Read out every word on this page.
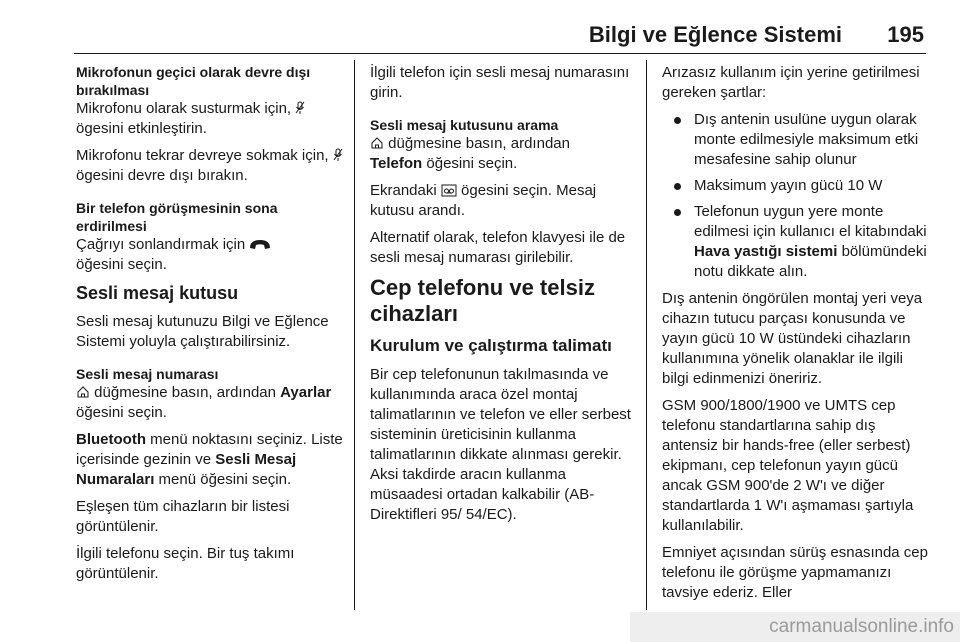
Bilgi ve Eğlence Sistemi 195
Mikrofonun geçici olarak devre dışı bırakılması

Mikrofonu olarak susturmak için,  ögesini etkinleştirin.

Mikrofonu tekrar devreye sokmak için,  ögesini devre dışı bırakın.

Bir telefon görüşmesinin sona erdirilmesi

Çağrıyı sonlandırmak için
öğesini seçin.

Sesli mesaj kutusu

Sesli mesaj kutunuzu Bilgi ve Eğlence Sistemi yoluyla çalıştırabilirsiniz.

Sesli mesaj numarası

düğmesine basın, ardından Ayarlar öğesini seçin.

Bluetooth menü noktasını seçiniz. Liste içerisinde gezinin ve Sesli Mesaj Numaraları menü öğesini seçin.

Eşleşen tüm cihazların bir listesi görüntülenir.

İlgili telefonu seçin. Bir tuş takımı görüntülenir.

İlgili telefon için sesli mesaj numarasını girin.

Sesli mesaj kutusunu arama

düğmesine basın, ardından
Telefon öğesini seçin.

Ekrandaki ögesini seçin. Mesaj kutusu arandı.

Alternatif olarak, telefon klavyesi ile de sesli mesaj numarası girilebilir.

Cep telefonu ve telsiz cihazları
Kurulum ve çalıştırma talimatı

Bir cep telefonunun takılmasında ve kullanımında araca özel montaj talimatlarının ve telefon ve eller serbest sisteminin üreticisinin kullanma talimatlarının dikkate alınması gerekir. Aksi takdirde aracın kullanma müsaadesi ortadan kalkabilir (AB-Direktifleri 95/ 54/EC).

Arızasız kullanım için yerine getirilmesi gereken şartlar:

Dış antenin usulüne uygun olarak monte edilmesiyle maksimum etki mesafesine sahip olunur
Maksimum yayın gücü 10 W
Telefonun uygun yere monte edilmesi için kullanıcı el kitabındaki Hava yastığı sistemi bölümündeki notu dikkate alın.

Dış antenin öngörülen montaj yeri veya cihazın tutucu parçası konusunda ve yayın gücü 10 W üstündeki cihazların kullanımına yönelik olanaklar ile ilgili bilgi edinmenizi öneririz.

GSM 900/1800/1900 ve UMTS cep telefonu standartlarına sahip dış antensiz bir hands-free (eller serbest) ekipmanı, cep telefonun yayın gücü ancak GSM 900'de 2 W'ı ve diğer standartlarda 1 W'ı aşmaması şartıyla kullanılabilir.

Emniyet açısından sürüş esnasında cep telefonu ile görüşme yapmamanızı tavsiye ederiz. Eller

carmanualsonline.info
